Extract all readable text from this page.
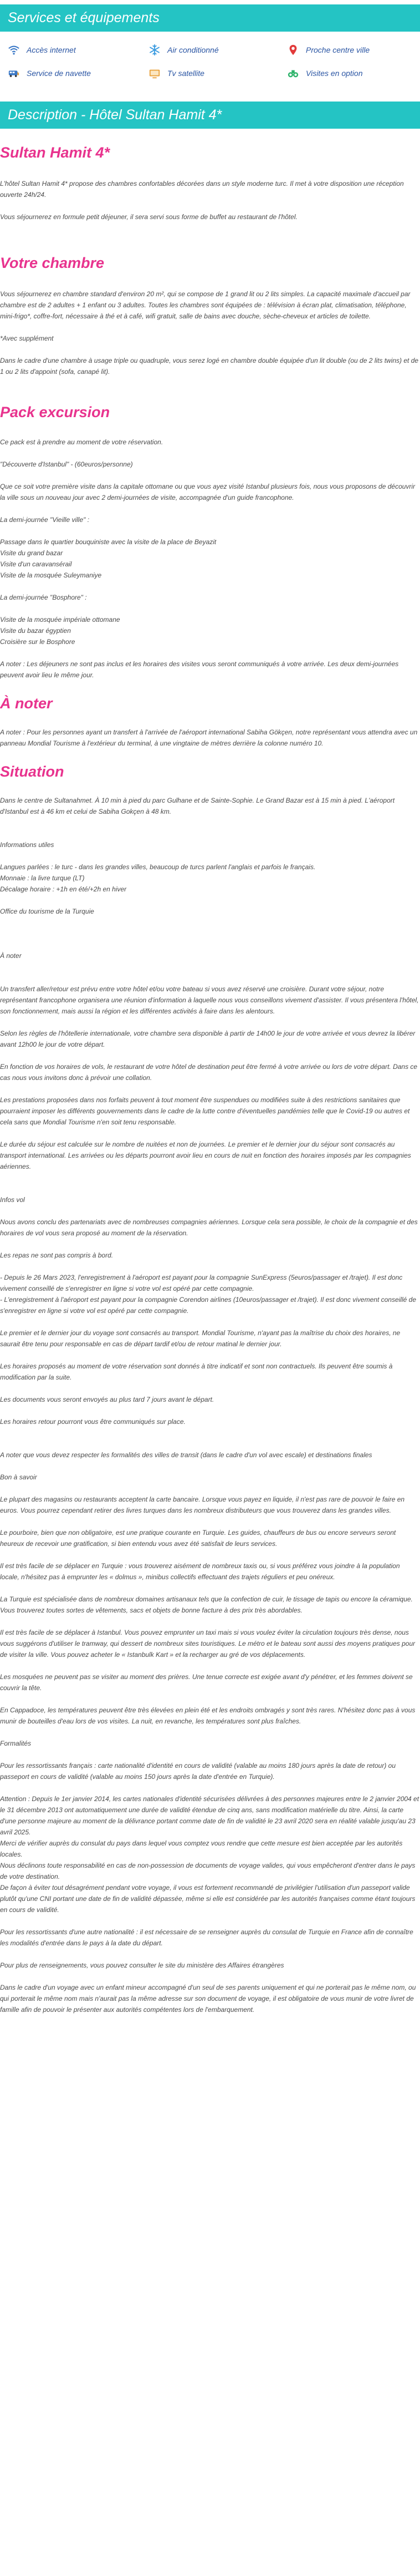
Services et équipements
Accès internet	Air conditionné	Proche centre ville
Service de navette	Tv satellite	Visites en option
Description - Hôtel Sultan Hamit 4*
Sultan Hamit 4*

L'hôtel Sultan Hamit 4* propose des chambres confortables décorées dans un style moderne turc. Il met à votre disposition une réception ouverte 24h/24.

Vous séjournerez en formule petit déjeuner, il sera servi sous forme de buffet au restaurant de l'hôtel.

Votre chambre

Vous séjournerez en chambre standard d'environ 20 m², qui se compose de 1 grand lit ou 2 lits simples. La capacité maximale d'accueil par chambre est de 2 adultes + 1 enfant ou 3 adultes. Toutes les chambres sont équipées de : télévision à écran plat, climatisation, téléphone, mini-frigo*, coffre-fort, nécessaire à thé et à café, wifi gratuit, salle de bains avec douche, sèche-cheveux et articles de toilette.

*Avec supplément

Dans le cadre d'une chambre à usage triple ou quadruple, vous serez logé en chambre double équipée d'un lit double (ou de 2 lits twins) et de 1 ou 2 lits d'appoint (sofa, canapé lit).

Pack excursion

Ce pack est à prendre au moment de votre réservation.

"Découverte d'Istanbul" - (60euros/personne)

Que ce soit votre première visite dans la capitale ottomane ou que vous ayez visité Istanbul plusieurs fois, nous vous proposons de découvrir la ville sous un nouveau jour avec 2 demi-journées de visite, accompagnée d'un guide francophone.

La demi-journée "Vieille ville" :

Passage dans le quartier bouquiniste avec la visite de la place de Beyazit

Visite du grand bazar

Visite d'un caravansérail

Visite de la mosquée Suleymaniye

La demi-journée "Bosphore" :

Visite de la mosquée impériale ottomane

Visite du bazar égyptien

Croisière sur le Bosphore

A noter : Les déjeuners ne sont pas inclus et les horaires des visites vous seront communiqués à votre arrivée. Les deux demi-journées peuvent avoir lieu le même jour.

À noter

A noter : Pour les personnes ayant un transfert à l'arrivée de l'aéroport international Sabiha Gökçen, notre représentant vous attendra avec un panneau Mondial Tourisme à l'extérieur du terminal, à une vingtaine de mètres derrière la colonne numéro 10.

Situation

Dans le centre de Sultanahmet. À 10 min à pied du parc Gulhane et de Sainte-Sophie. Le Grand Bazar est à 15 min à pied. L'aéroport d'Istanbul est à 46 km et celui de Sabiha Gokçen à 48 km.

Informations utiles

Langues parlées : le turc - dans les grandes villes, beaucoup de turcs parlent l'anglais et parfois le français.

Monnaie : la livre turque (LT)

Décalage horaire : +1h en été/+2h en hiver

Office du tourisme de la Turquie

À noter

Un transfert aller/retour est prévu entre votre hôtel et/ou votre bateau si vous avez réservé une croisière. Durant votre séjour, notre représentant francophone organisera une réunion d'information à laquelle nous vous conseillons vivement d'assister. Il vous présentera l'hôtel, son fonctionnement, mais aussi la région et les différentes activités à faire dans les alentours.

Selon les règles de l'hôtellerie internationale, votre chambre sera disponible à partir de 14h00 le jour de votre arrivée et vous devrez la libérer avant 12h00 le jour de votre départ.

En fonction de vos horaires de vols, le restaurant de votre hôtel de destination peut être fermé à votre arrivée ou lors de votre départ. Dans ce cas nous vous invitons donc à prévoir une collation.

Les prestations proposées dans nos forfaits peuvent à tout moment être suspendues ou modifiées suite à des restrictions sanitaires que pourraient imposer les différents gouvernements dans le cadre de la lutte contre d'éventuelles pandémies telle que le Covid-19 ou autres et cela sans que Mondial Tourisme n'en soit tenu responsable.

Le durée du séjour est calculée sur le nombre de nuitées et non de journées. Le premier et le dernier jour du séjour sont consacrés au transport international. Les arrivées ou les départs pourront avoir lieu en cours de nuit en fonction des horaires imposés par les compagnies aériennes.

Infos vol

Nous avons conclu des partenariats avec de nombreuses compagnies aériennes. Lorsque cela sera possible, le choix de la compagnie et des horaires de vol vous sera proposé au moment de la réservation.

Les repas ne sont pas compris à bord.

- Depuis le 26 Mars 2023, l'enregistrement à l'aéroport est payant pour la compagnie SunExpress (5euros/passager et /trajet). Il est donc vivement conseillé de s'enregistrer en ligne si votre vol est opéré par cette compagnie.

- L'enregistrement à l'aéroport est payant pour la compagnie Corendon airlines (10euros/passager et /trajet). Il est donc vivement conseillé de s'enregistrer en ligne si votre vol est opéré par cette compagnie.

Le premier et le dernier jour du voyage sont consacrés au transport. Mondial Tourisme, n'ayant pas la maîtrise du choix des horaires, ne saurait être tenu pour responsable en cas de départ tardif et/ou de retour matinal le dernier jour.

Les horaires proposés au moment de votre réservation sont donnés à titre indicatif et sont non contractuels. Ils peuvent être soumis à modification par la suite.

Les documents vous seront envoyés au plus tard 7 jours avant le départ.

Les horaires retour pourront vous être communiqués sur place.

A noter que vous devez respecter les formalités des villes de transit (dans le cadre d'un vol avec escale) et destinations finales

Bon à savoir

Le plupart des magasins ou restaurants acceptent la carte bancaire. Lorsque vous payez en liquide, il n'est pas rare de pouvoir le faire en euros. Vous pourrez cependant retirer des livres turques dans les nombreux distributeurs que vous trouverez dans les grandes villes.

Le pourboire, bien que non obligatoire, est une pratique courante en Turquie. Les guides, chauffeurs de bus ou encore serveurs seront heureux de recevoir une gratification, si bien entendu vous avez été satisfait de leurs services.

Il est très facile de se déplacer en Turquie : vous trouverez aisément de nombreux taxis ou, si vous préférez vous joindre à la population locale, n'hésitez pas à emprunter les « dolmus », minibus collectifs effectuant des trajets réguliers et peu onéreux.

La Turquie est spécialisée dans de nombreux domaines artisanaux tels que la confection de cuir, le tissage de tapis ou encore la céramique. Vous trouverez toutes sortes de vêtements, sacs et objets de bonne facture à des prix très abordables.

Il est très facile de se déplacer à Istanbul. Vous pouvez emprunter un taxi mais si vous voulez éviter la circulation toujours très dense, nous vous suggérons d'utiliser le tramway, qui dessert de nombreux sites touristiques. Le métro et le bateau sont aussi des moyens pratiques pour de visiter la ville. Vous pouvez acheter le « Istanbulk Kart » et la recharger au gré de vos déplacements.

Les mosquées ne peuvent pas se visiter au moment des prières. Une tenue correcte est exigée avant d'y pénétrer, et les femmes doivent se couvrir la tête.

En Cappadoce, les températures peuvent être très élevées en plein été et les endroits ombragés y sont très rares. N'hésitez donc pas à vous munir de bouteilles d'eau lors de vos visites. La nuit, en revanche, les températures sont plus fraîches.

Formalités

Pour les ressortissants français : carte nationalité d'identité en cours de validité (valable au moins 180 jours après la date de retour) ou passeport en cours de validité (valable au moins 150 jours après la date d'entrée en Turquie).

Attention : Depuis le 1er janvier 2014, les cartes nationales d'identité sécurisées délivrées à des personnes majeures entre le 2 janvier 2004 et le 31 décembre 2013 ont automatiquement une durée de validité étendue de cinq ans, sans modification matérielle du titre. Ainsi, la carte d'une personne majeure au moment de la délivrance portant comme date de fin de validité le 23 avril 2020 sera en réalité valable jusqu'au 23 avril 2025.

Merci de vérifier auprès du consulat du pays dans lequel vous comptez vous rendre que cette mesure est bien acceptée par les autorités locales.

Nous déclinons toute responsabilité en cas de non-possession de documents de voyage valides, qui vous empêcheront d'entrer dans le pays de votre destination.

De façon à éviter tout désagrément pendant votre voyage, il vous est fortement recommandé de privilégier l'utilisation d'un passeport valide plutôt qu'une CNI portant une date de fin de validité dépassée, même si elle est considérée par les autorités françaises comme étant toujours en cours de validité.

Pour les ressortissants d'une autre nationalité : il est nécessaire de se renseigner auprès du consulat de Turquie en France afin de connaître les modalités d'entrée dans le pays à la date du départ.

Pour plus de renseignements, vous pouvez consulter le site du ministère des Affaires étrangères

Dans le cadre d'un voyage avec un enfant mineur accompagné d'un seul de ses parents uniquement et qui ne porterait pas le même nom, ou qui porterait le même nom mais n'aurait pas la même adresse sur son document de voyage, il est obligatoire de vous munir de votre livret de famille afin de pouvoir le présenter aux autorités compétentes lors de l'embarquement.
